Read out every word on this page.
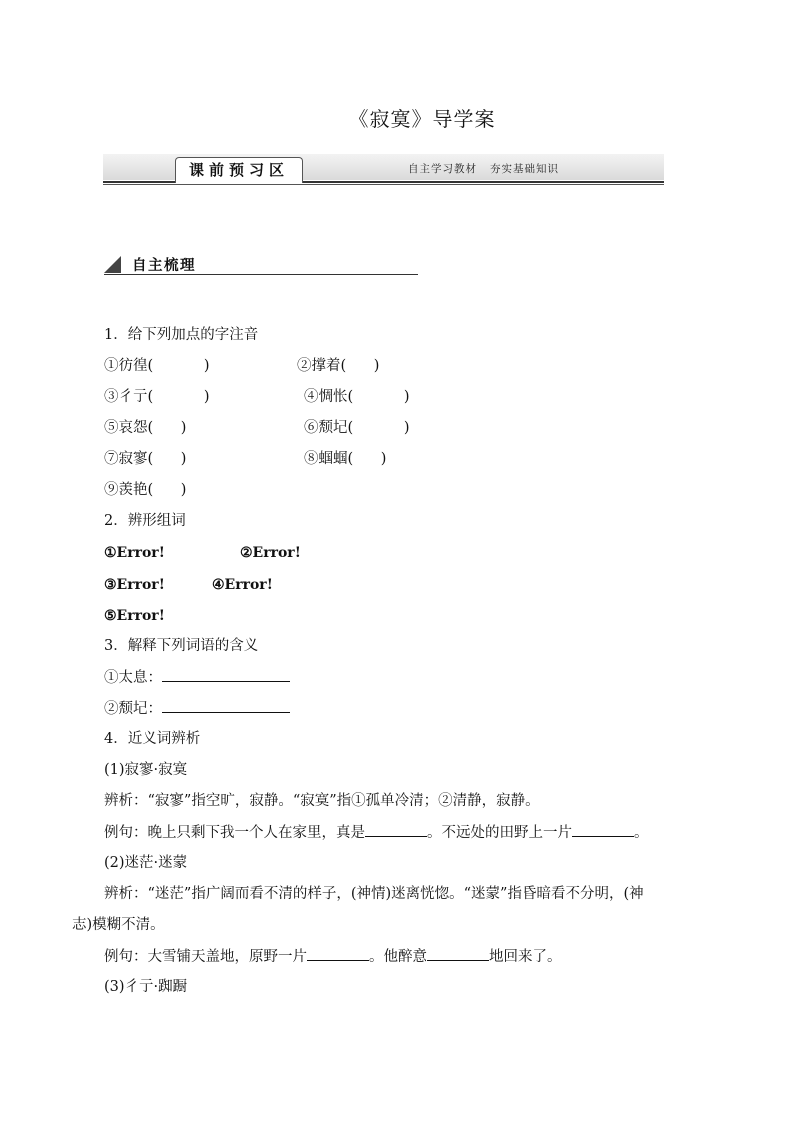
《寂寞》导学案
课前预习区	自主学习教材   夯实基础知识
自主梳理
1．给下列加点的字注音
①彷徨(           )	②撑着(      )
③彳亍(           )	④惆怅(           )
⑤哀怨(      )	⑥颓圮(           )
⑦寂寥(      )	⑧蝈蝈(      )
⑨羡艳(      )
2．辨形组词
①Error!	②Error!
③Error!	④Error!
⑤Error!
3．解释下列词语的含义
①太息：
②颓圮：
4．近义词辨析
(1)寂寥·寂寞
辨析：“寂寥”指空旷，寂静。“寂寞”指①孤单冷清；②清静，寂静。
例句：晚上只剩下我一个人在家里，真是	。不远处的田野上一片	。
(2)迷茫·迷蒙
辨析：“迷茫”指广阔而看不清的样子，(神情)迷离恍惚。“迷蒙”指昏暗看不分明，(神
志)模糊不清。
例句：大雪铺天盖地，原野一片	。他醉意	地回来了。
(3)彳亍·踟蹰
